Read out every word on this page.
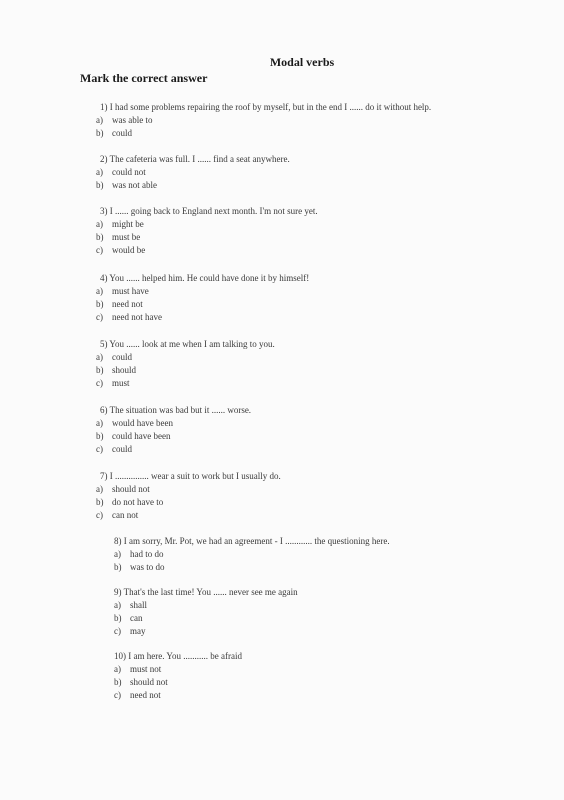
Modal verbs
Mark the correct answer
1) I had some problems repairing the roof by myself, but in the end I ...... do it without help.
a) was able to
b) could
2) The cafeteria was full. I ...... find a seat anywhere.
a) could not
b) was not able
3) I ...... going back to England next month. I'm not sure yet.
a) might be
b) must be
c) would be
4) You ...... helped him. He could have done it by himself!
a) must have
b) need not
c) need not have
5) You ...... look at me when I am talking to you.
a) could
b) should
c) must
6) The situation was bad but it ...... worse.
a) would have been
b) could have been
c) could
7) I ............... wear a suit to work but I usually do.
a) should not
b) do not have to
c) can not
8) I am sorry, Mr. Pot, we had an agreement - I ............ the questioning here.
a) had to do
b) was to do
9) That's the last time! You ...... never see me again
a) shall
b) can
c) may
10) I am here. You ........... be afraid
a) must not
b) should not
c) need not
